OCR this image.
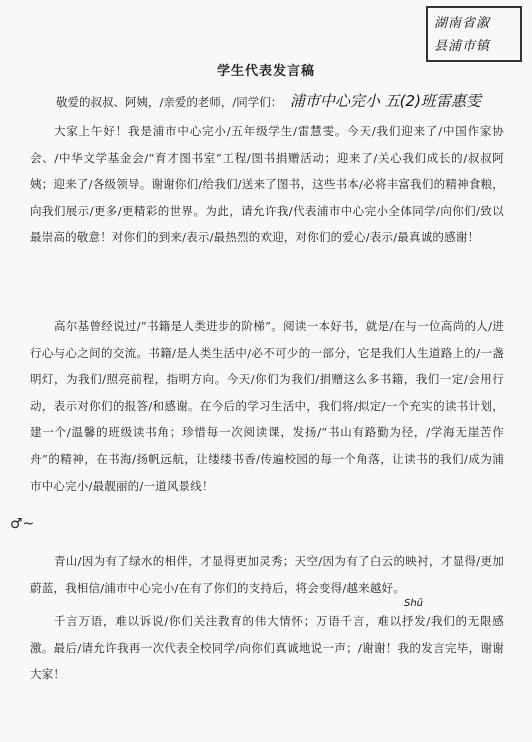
湖南省溆
县浦市镇
学生代表发言稿
敬爱的叔叔、阿姨，/亲爱的老师，/同学们： 浦市中心完小 五(2)班雷惠雯
大家上午好！我是浦市中心完小/五年级学生/雷慧雯。今天/我们迎来了/中国作家协会、/中华文学基金会/“育才图书室”工程/图书捐赠活动；迎来了/关心我们成长的/叔叔阿姨；迎来了/各级领导。谢谢你们/给我们/送来了图书，这些书本/必将丰富我们的精神食粮，向我们展示/更多/更精彩的世界。为此，请允许我/代表浦市中心完小全体同学/向你们/致以最崇高的敬意！对你们的到来/表示/最热烈的欢迎，对你们的爱心/表示/最真诚的感谢！
高尔基曾经说过/“书籍是人类进步的阶梯”。阅读一本好书，就是/在与一位高尚的人/进行心与心之间的交流。书籍/是人类生活中/必不可少的一部分，它是我们人生道路上的/一盏明灯，为我们/照亮前程，指明方向。今天/你们为我们/捐赠这么多书籍，我们一定/会用行动，表示对你们的报答/和感谢。在今后的学习生活中，我们将/拟定/一个充实的读书计划，建一个/温馨的班级读书角；珍惜每一次阅读课，发扬/“书山有路勤为径，/学海无崖苦作舟”的精神，在书海/扬帆远航，让缕缕书香/传遍校园的每一个角落，让读书的我们/成为浦市中心完小/最靓丽的/一道风景线！
青山/因为有了绿水的相伴，才显得更加灵秀；天空/因为有了白云的映衬，才显得/更加蔚蓝，我相信/浦市中心完小/在有了你们的支持后，将会变得/越来越好。
千言万语，难以诉说/你们关注教育的伟大情怀；万语千言，难以抒发/我们的无限感激。最后/请允许我再一次代表全校同学/向你们真诚地说一声；/谢谢！我的发言完毕，谢谢大家！
♂~
Shū
